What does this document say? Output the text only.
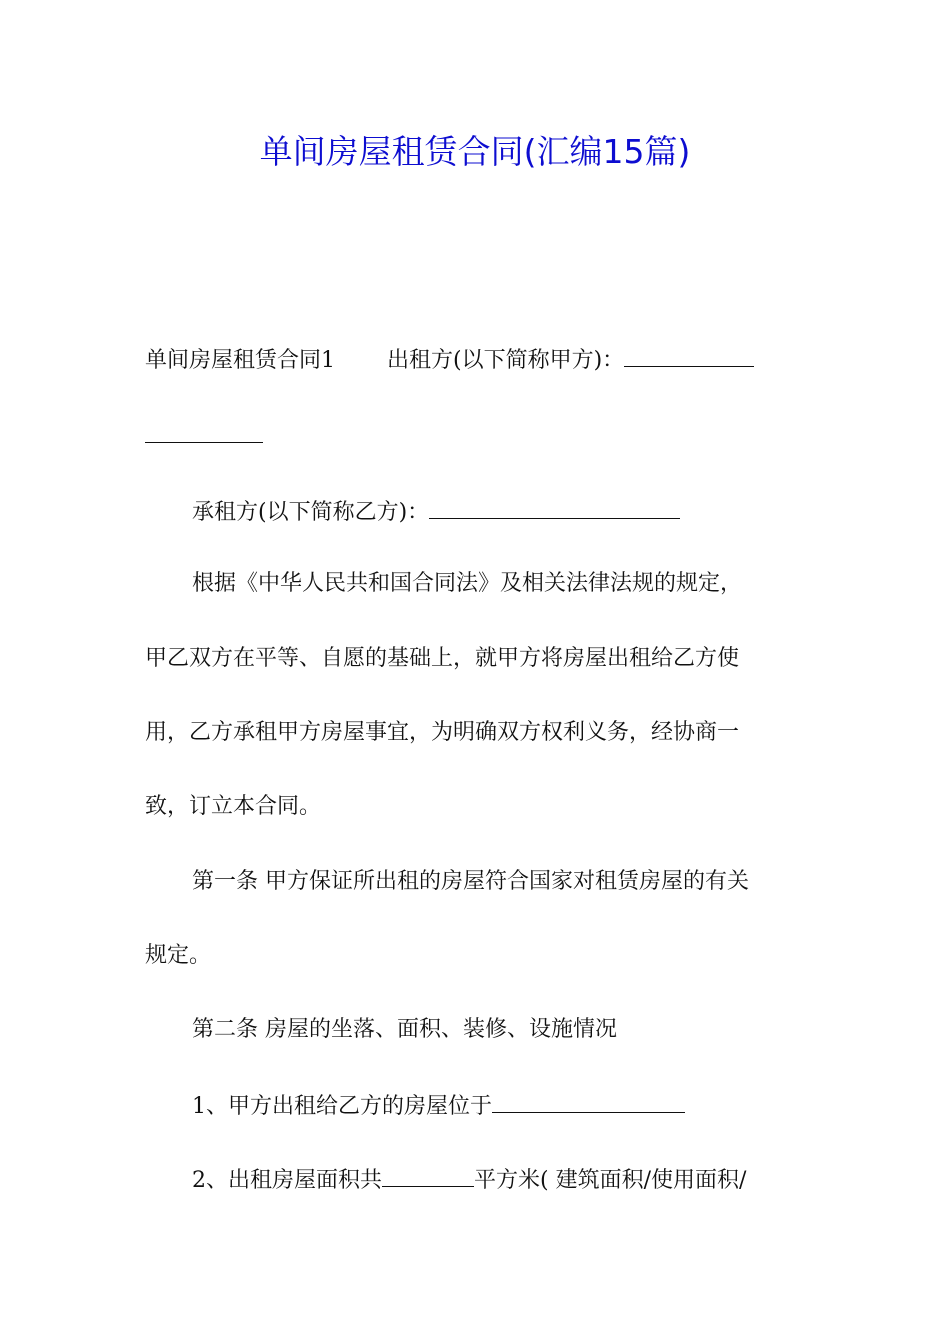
单间房屋租赁合同(汇编15篇)
单间房屋租赁合同1 出租方(以下简称甲方)：
承租方(以下简称乙方)：
根据《中华人民共和国合同法》及相关法律法规的规定，
甲乙双方在平等、自愿的基础上，就甲方将房屋出租给乙方使
用，乙方承租甲方房屋事宜，为明确双方权利义务，经协商一
致，订立本合同。
第一条 甲方保证所出租的房屋符合国家对租赁房屋的有关
规定。
第二条 房屋的坐落、面积、装修、设施情况
1、甲方出租给乙方的房屋位于
2、出租房屋面积共	平方米( 建筑面积/使用面积/
